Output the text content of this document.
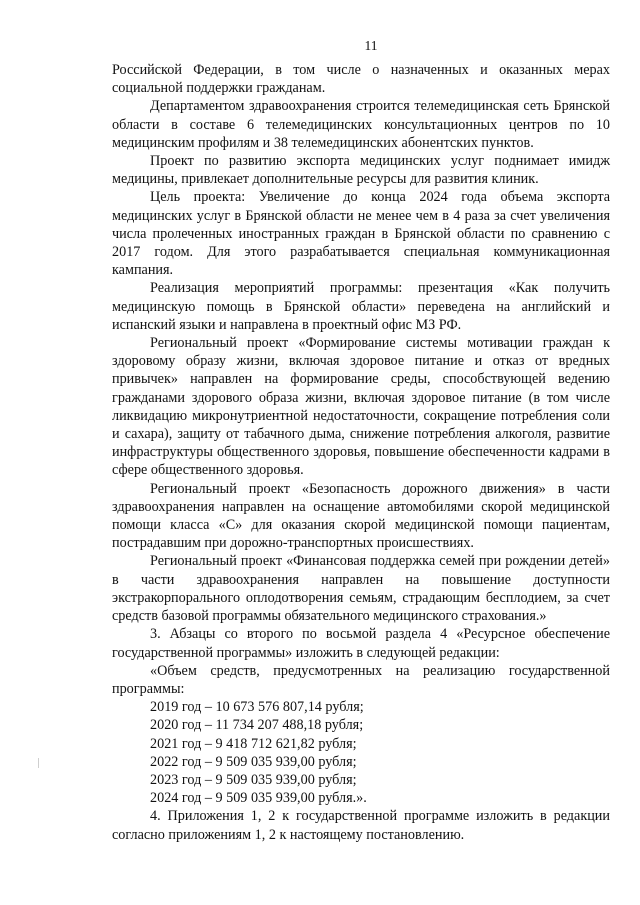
11

Российской Федерации, в том числе о назначенных и оказанных мерах социальной поддержки гражданам.

Департаментом здравоохранения строится телемедицинская сеть Брянской области в составе 6 телемедицинских консультационных центров по 10 медицинским профилям и 38 телемедицинских абонентских пунктов.

Проект по развитию экспорта медицинских услуг поднимает имидж медицины, привлекает дополнительные ресурсы для развития клиник.

Цель проекта: Увеличение до конца 2024 года объема экспорта медицинских услуг в Брянской области не менее чем в 4 раза за счет увеличения числа пролеченных иностранных граждан в Брянской области по сравнению с 2017 годом. Для этого разрабатывается специальная коммуникационная кампания.

Реализация мероприятий программы: презентация «Как получить медицинскую помощь в Брянской области» переведена на английский и испанский языки и направлена в проектный офис МЗ РФ.

Региональный проект «Формирование системы мотивации граждан к здоровому образу жизни, включая здоровое питание и отказ от вредных привычек» направлен на формирование среды, способствующей ведению гражданами здорового образа жизни, включая здоровое питание (в том числе ликвидацию микронутриентной недостаточности, сокращение потребления соли и сахара), защиту от табачного дыма, снижение потребления алкоголя, развитие инфраструктуры общественного здоровья, повышение обеспеченности кадрами в сфере общественного здоровья.

Региональный проект «Безопасность дорожного движения» в части здравоохранения направлен на оснащение автомобилями скорой медицинской помощи класса «С» для оказания скорой медицинской помощи пациентам, пострадавшим при дорожно-транспортных происшествиях.

Региональный проект «Финансовая поддержка семей при рождении детей» в части здравоохранения направлен на повышение доступности экстракорпорального оплодотворения семьям, страдающим бесплодием, за счет средств базовой программы обязательного медицинского страхования.»

3. Абзацы со второго по восьмой раздела 4 «Ресурсное обеспечение государственной программы» изложить в следующей редакции:

«Объем средств, предусмотренных на реализацию государственной программы:

2019 год – 10 673 576 807,14 рубля;

2020 год – 11 734 207 488,18 рубля;

2021 год – 9 418 712 621,82 рубля;

2022 год – 9 509 035 939,00 рубля;

2023 год – 9 509 035 939,00 рубля;

2024 год – 9 509 035 939,00 рубля.».

4. Приложения 1, 2 к государственной программе изложить в редакции согласно приложениям 1, 2 к настоящему постановлению.
